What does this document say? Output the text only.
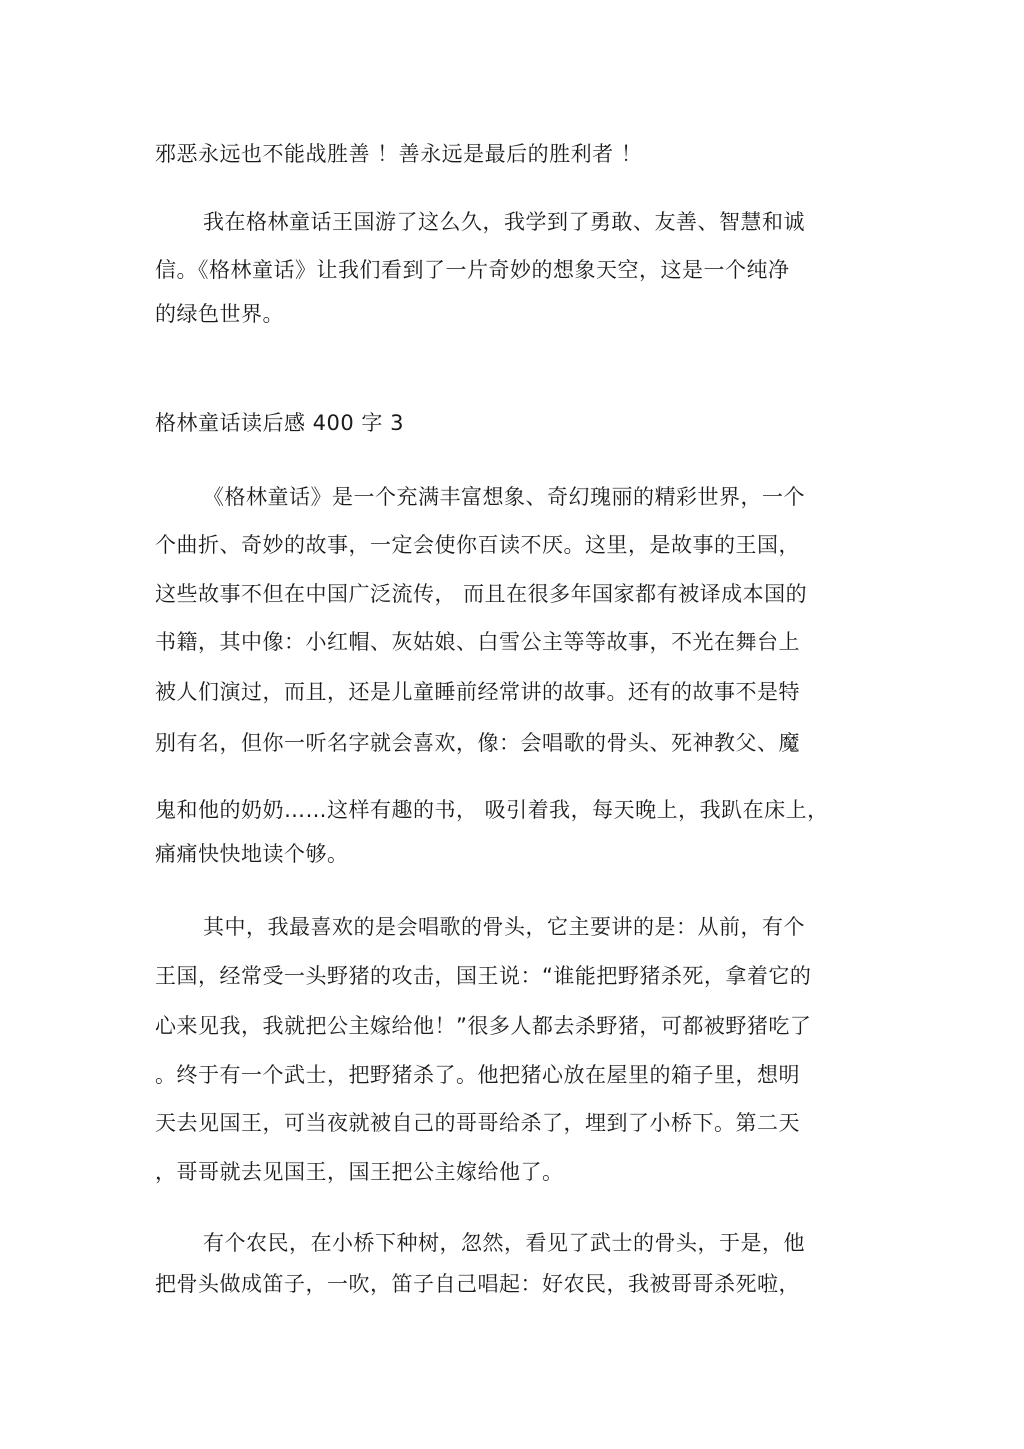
邪恶永远也不能战胜善 ！善永远是最后的胜利者 ！
我在格林童话王国游了这么久，我学到了勇敢、友善、智慧和诚
信。《格林童话》让我们看到了一片奇妙的想象天空，这是一个纯净
的绿色世界。
格林童话读后感 400 字 3
《格林童话》是一个充满丰富想象、奇幻瑰丽的精彩世界，一个
个曲折、奇妙的故事，一定会使你百读不厌。这里，是故事的王国，
这些故事不但在中国广泛流传， 而且在很多年国家都有被译成本国的
书籍，其中像：小红帽、灰姑娘、白雪公主等等故事，不光在舞台上
被人们演过，而且，还是儿童睡前经常讲的故事。还有的故事不是特
别有名，但你一听名字就会喜欢，像：会唱歌的骨头、死神教父、魔
鬼和他的奶奶……这样有趣的书， 吸引着我，每天晚上，我趴在床上，
痛痛快快地读个够。
其中，我最喜欢的是会唱歌的骨头，它主要讲的是：从前，有个
王国，经常受一头野猪的攻击，国王说：“谁能把野猪杀死，拿着它的
心来见我，我就把公主嫁给他！”很多人都去杀野猪，可都被野猪吃了
。终于有一个武士，把野猪杀了。他把猪心放在屋里的箱子里，想明
天去见国王，可当夜就被自己的哥哥给杀了，埋到了小桥下。第二天
，哥哥就去见国王，国王把公主嫁给他了。
有个农民，在小桥下种树，忽然，看见了武士的骨头，于是，他
把骨头做成笛子，一吹，笛子自己唱起：好农民，我被哥哥杀死啦，
